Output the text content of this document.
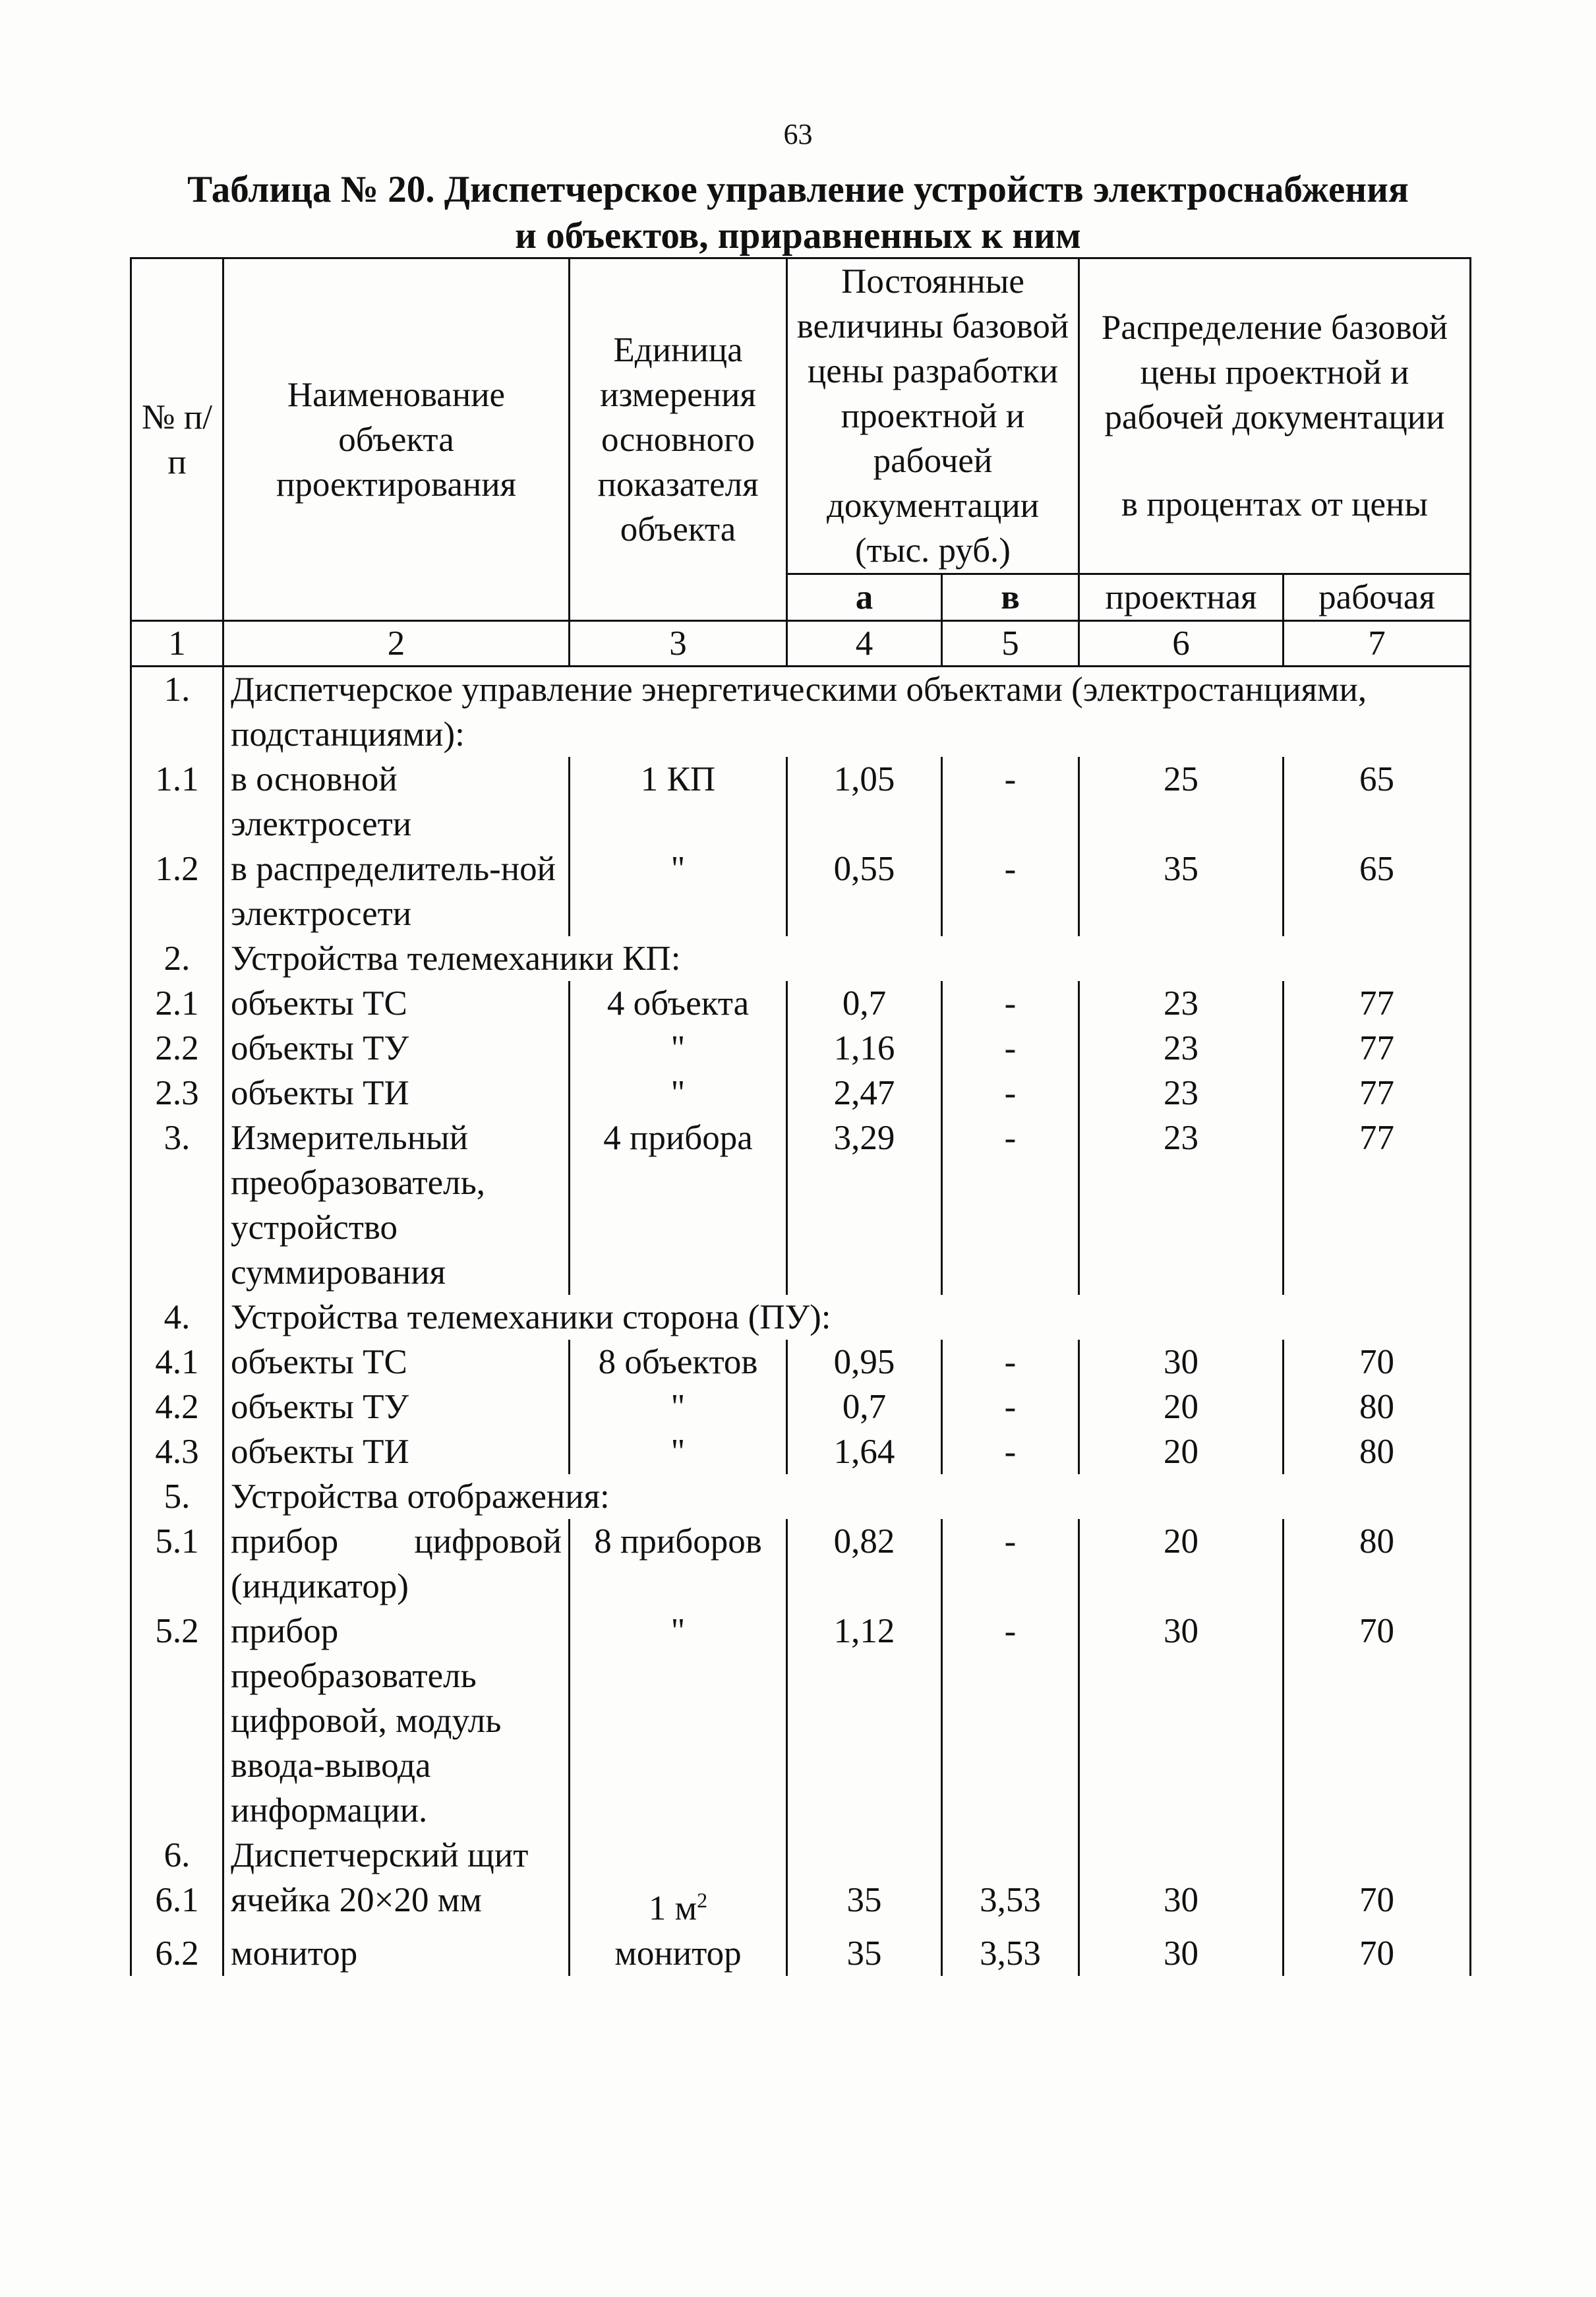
63
Таблица № 20. Диспетчерское управление устройств электроснабжения
и объектов, приравненных к ним
№ п/п	Наименование объекта проектирования	Единица измерения основного показателя объекта	Постоянные величины базовой цены разработки проектной и рабочей документации (тыс. руб.)		Распределение базовой цены проектной и рабочей документации
в процентах от цены	

			а	в	проектная	рабочая
1	2	3	4	5	6	7
1.	Диспетчерское управление энергетическими объектами (электростанциями, подстанциями):					
1.1	в основной электросети	1 КП	1,05	-	25	65
1.2	в распределитель-ной электросети	"	0,55	-	35	65
2.	Устройства телемеханики КП:					
2.1	объекты ТС	4 объекта	0,7	-	23	77
2.2	объекты ТУ	"	1,16	-	23	77
2.3	объекты ТИ	"	2,47	-	23	77
3.	Измерительный преобразователь, устройство суммирования	4 прибора	3,29	-	23	77
4.	Устройства телемеханики сторона (ПУ):					
4.1	объекты ТС	8 объектов	0,95	-	30	70
4.2	объекты ТУ	"	0,7	-	20	80
4.3	объекты ТИ	"	1,64	-	20	80
5.	Устройства отображения:					
5.1	прибор цифровой (индикатор)	8 приборов	0,82	-	20	80
5.2	прибор преобразователь цифровой, модуль ввода-вывода информации.	"	1,12	-	30	70
6.	Диспетчерский щит					
6.1	ячейка 20×20 мм	1 $м^2$	35	3,53	30	70
6.2	монитор	монитор	35	3,53	30	70
